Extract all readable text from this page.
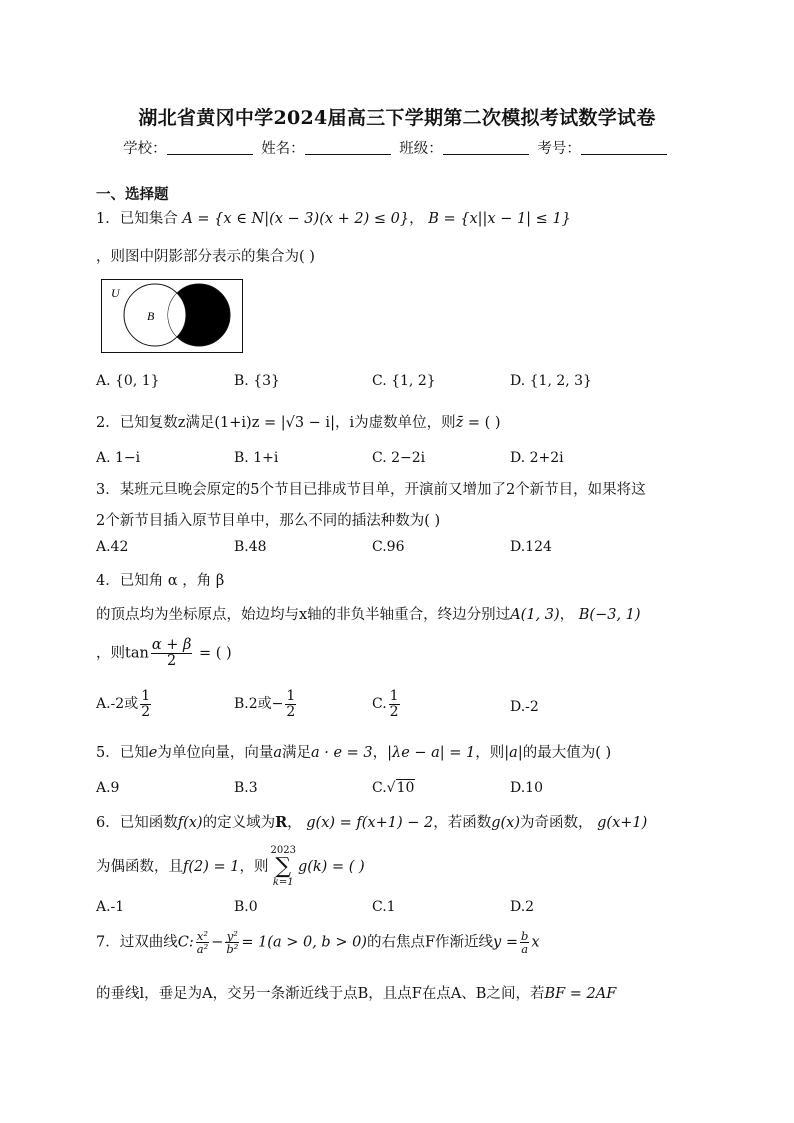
湖北省黄冈中学2024届高三下学期第二次模拟考试数学试卷
学校：	姓名：	班级：	考号：
一、选择题
1．已知集合 A = {x ∈ N|(x − 3)(x + 2) ≤ 0}， B = {x||x − 1| ≤ 1}
，则图中阴影部分表示的集合为( )
U
B
A. {0, 1}	B. {3}	C. {1, 2}	D. {1, 2, 3}
2．已知复数z满足(1+i)z = |√3 − i|，i为虚数单位，则z̄ = ( )
A. 1−i	B. 1+i	C. 2−2i	D. 2+2i
3．某班元旦晚会原定的5个节目已排成节目单，开演前又增加了2个新节目，如果将这
2个新节目插入原节目单中，那么不同的插法种数为( )
A.42	B.48	C.96	D.124
4．已知角 α ，角 β
的顶点均为坐标原点，始边均与x轴的非负半轴重合，终边分别过A(1, 3)， B(−3, 1)
，则$\tan \frac{\alpha + \beta}{2}$ = ( )
A.-2或 $\frac{1}{2}$	B.2或− $\frac{1}{2}$	C. $\frac{1}{2}$	D.-2
5．已知e为单位向量，向量a满足a · e = 3，|λe − a| = 1，则|a|的最大值为( )
A.9	B.3	C.√10	D.10
6．已知函数f(x)的定义域为R， g(x) = f(x+1) − 2，若函数g(x)为奇函数， g(x+1)
为偶函数，且f(2) = 1，则2023
∑
k=1g(k) = ( )
A.-1	B.0	C.1	D.2
7．过双曲线C: $\frac{\text{x²}}{\text{a²}} - \frac{\text{y²}}{\text{b²}} = 1(a > 0$, b > 0)的右焦点F作渐近线$y = \frac{b}{a}$ x
的垂线l，垂足为A，交另一条渐近线于点B，且点F在点A、B之间，若BF = 2AF
